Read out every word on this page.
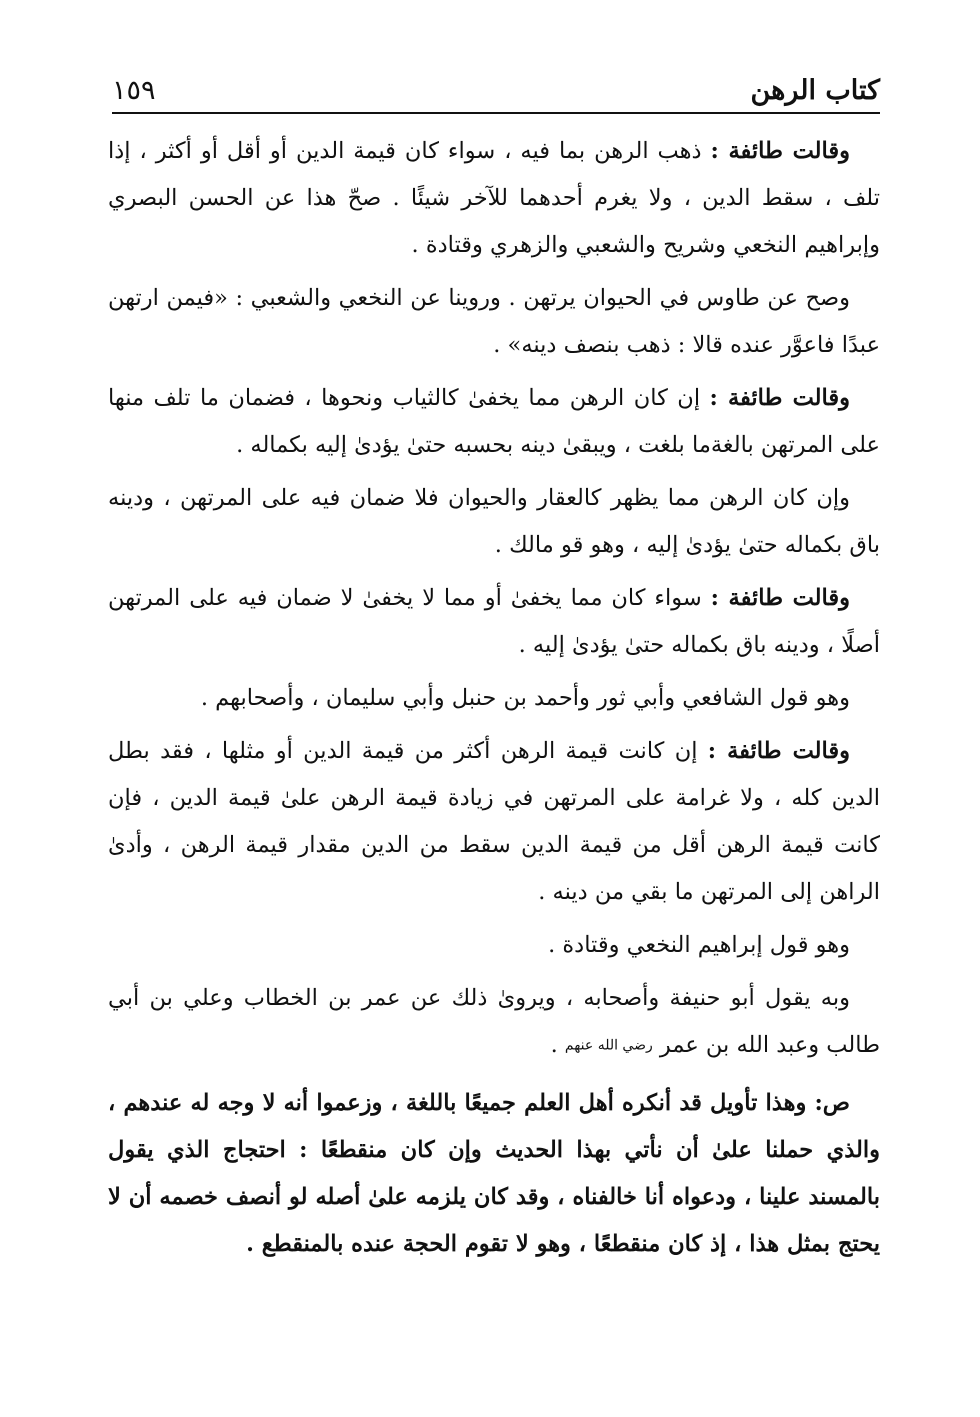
كتاب الرهن
١٥٩

وقالت طائفة : ذهب الرهن بما فيه ، سواء كان قيمة الدين أو أقل أو أكثر ، إذا تلف ، سقط الدين ، ولا يغرم أحدهما للآخر شيئًا . صحّ هذا عن الحسن البصري وإبراهيم النخعي وشريح والشعبي والزهري وقتادة .

وصح عن طاوس في الحيوان يرتهن . وروينا عن النخعي والشعبي : «فيمن ارتهن عبدًا فاعوَّر عنده قالا : ذهب بنصف دينه» .

وقالت طائفة : إن كان الرهن مما يخفىٰ كالثياب ونحوها ، فضمان ما تلف منها على المرتهن بالغةما بلغت ، ويبقىٰ دينه بحسبه حتىٰ يؤدىٰ إليه بكماله .

وإن كان الرهن مما يظهر كالعقار والحيوان فلا ضمان فيه على المرتهن ، ودينه باق بكماله حتىٰ يؤدىٰ إليه ، وهو قو مالك .

وقالت طائفة : سواء كان مما يخفىٰ أو مما لا يخفىٰ لا ضمان فيه على المرتهن أصلًا ، ودينه باق بكماله حتىٰ يؤدىٰ إليه .

وهو قول الشافعي وأبي ثور وأحمد بن حنبل وأبي سليمان ، وأصحابهم .

وقالت طائفة : إن كانت قيمة الرهن أكثر من قيمة الدين أو مثلها ، فقد بطل الدين كله ، ولا غرامة على المرتهن في زيادة قيمة الرهن علىٰ قيمة الدين ، فإن كانت قيمة الرهن أقل من قيمة الدين سقط من الدين مقدار قيمة الرهن ، وأدىٰ الراهن إلى المرتهن ما بقي من دينه .

وهو قول إبراهيم النخعي وقتادة .

وبه يقول أبو حنيفة وأصحابه ، ويروىٰ ذلك عن عمر بن الخطاب وعلي بن أبي طالب وعبد الله بن عمر رضي الله عنهم .

ص: وهذا تأويل قد أنكره أهل العلم جميعًا باللغة ، وزعموا أنه لا وجه له عندهم ، والذي حملنا علىٰ أن نأتي بهذا الحديث وإن كان منقطعًا : احتجاج الذي يقول بالمسند علينا ، ودعواه أنا خالفناه ، وقد كان يلزمه علىٰ أصله لو أنصف خصمه أن لا يحتج بمثل هذا ، إذ كان منقطعًا ، وهو لا تقوم الحجة عنده بالمنقطع .
